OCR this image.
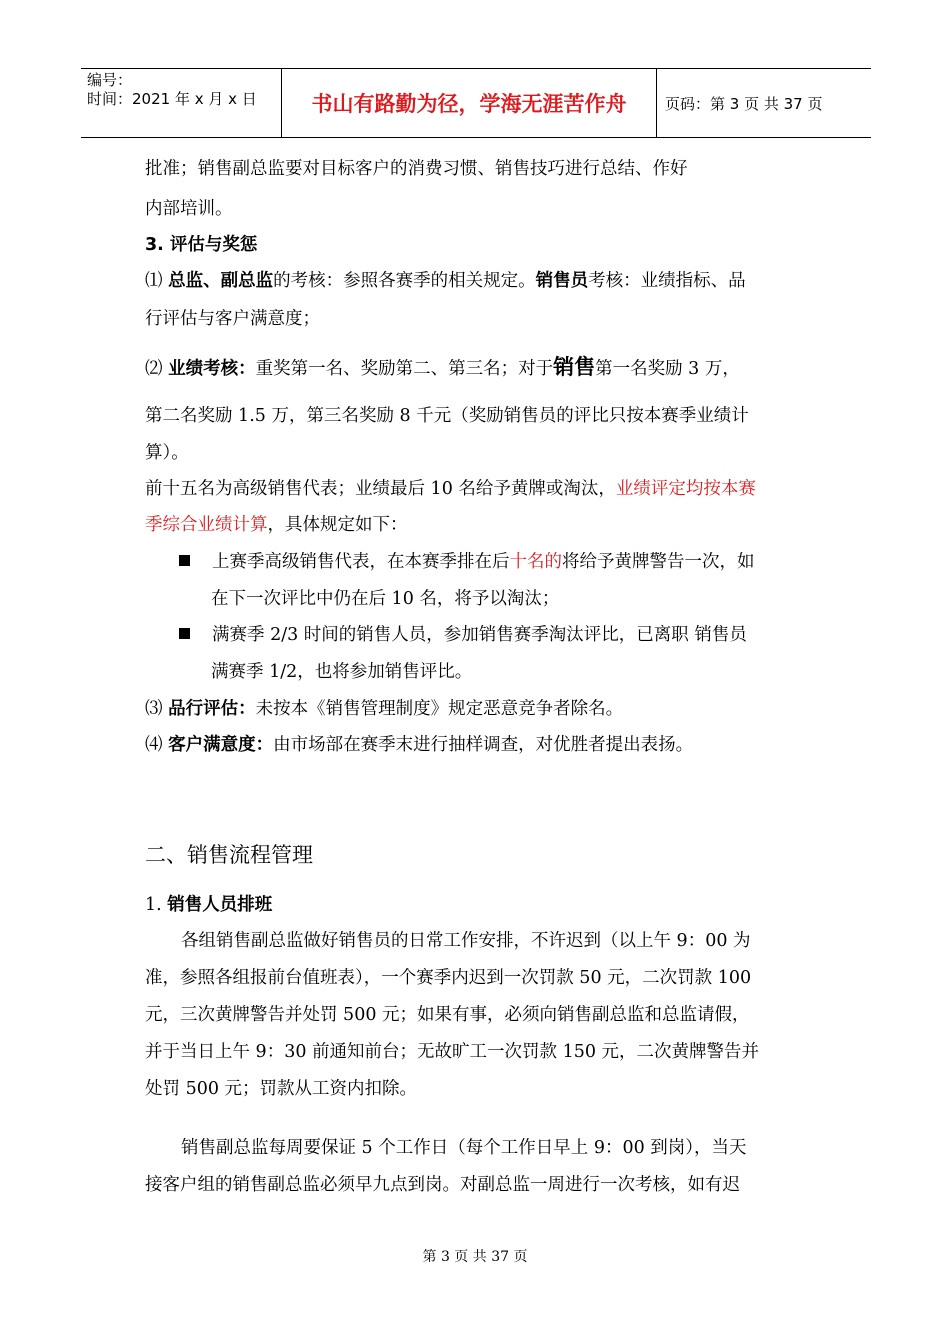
编号：
时间：2021 年 x 月 x 日	书山有路勤为径，学海无涯苦作舟	页码：第 3 页 共 37 页
批准；销售副总监要对目标客户的消费习惯、销售技巧进行总结、作好
内部培训。
3. 评估与奖惩
⑴ 总监、副总监的考核：参照各赛季的相关规定。销售员考核：业绩指标、品
行评估与客户满意度；
⑵ 业绩考核：重奖第一名、奖励第二、第三名；对于销售第一名奖励 3 万，
第二名奖励 1.5 万，第三名奖励 8 千元（奖励销售员的评比只按本赛季业绩计
算）。
前十五名为高级销售代表；业绩最后 10 名给予黄牌或淘汰，业绩评定均按本赛
季综合业绩计算，具体规定如下：
上赛季高级销售代表，在本赛季排在后十名的将给予黄牌警告一次，如
在下一次评比中仍在后 10 名，将予以淘汰；
满赛季 2/3 时间的销售人员，参加销售赛季淘汰评比，已离职 销售员
满赛季 1/2，也将参加销售评比。
⑶ 品行评估：未按本《销售管理制度》规定恶意竞争者除名。
⑷ 客户满意度：由市场部在赛季末进行抽样调查，对优胜者提出表扬。
二、销售流程管理
1. 销售人员排班
各组销售副总监做好销售员的日常工作安排，不许迟到（以上午 9：00 为
准，参照各组报前台值班表），一个赛季内迟到一次罚款 50 元，二次罚款 100
元，三次黄牌警告并处罚 500 元；如果有事，必须向销售副总监和总监请假，
并于当日上午 9：30 前通知前台；无故旷工一次罚款 150 元，二次黄牌警告并
处罚 500 元；罚款从工资内扣除。
销售副总监每周要保证 5 个工作日（每个工作日早上 9：00 到岗），当天
接客户组的销售副总监必须早九点到岗。对副总监一周进行一次考核，如有迟
第 3 页 共 37 页
